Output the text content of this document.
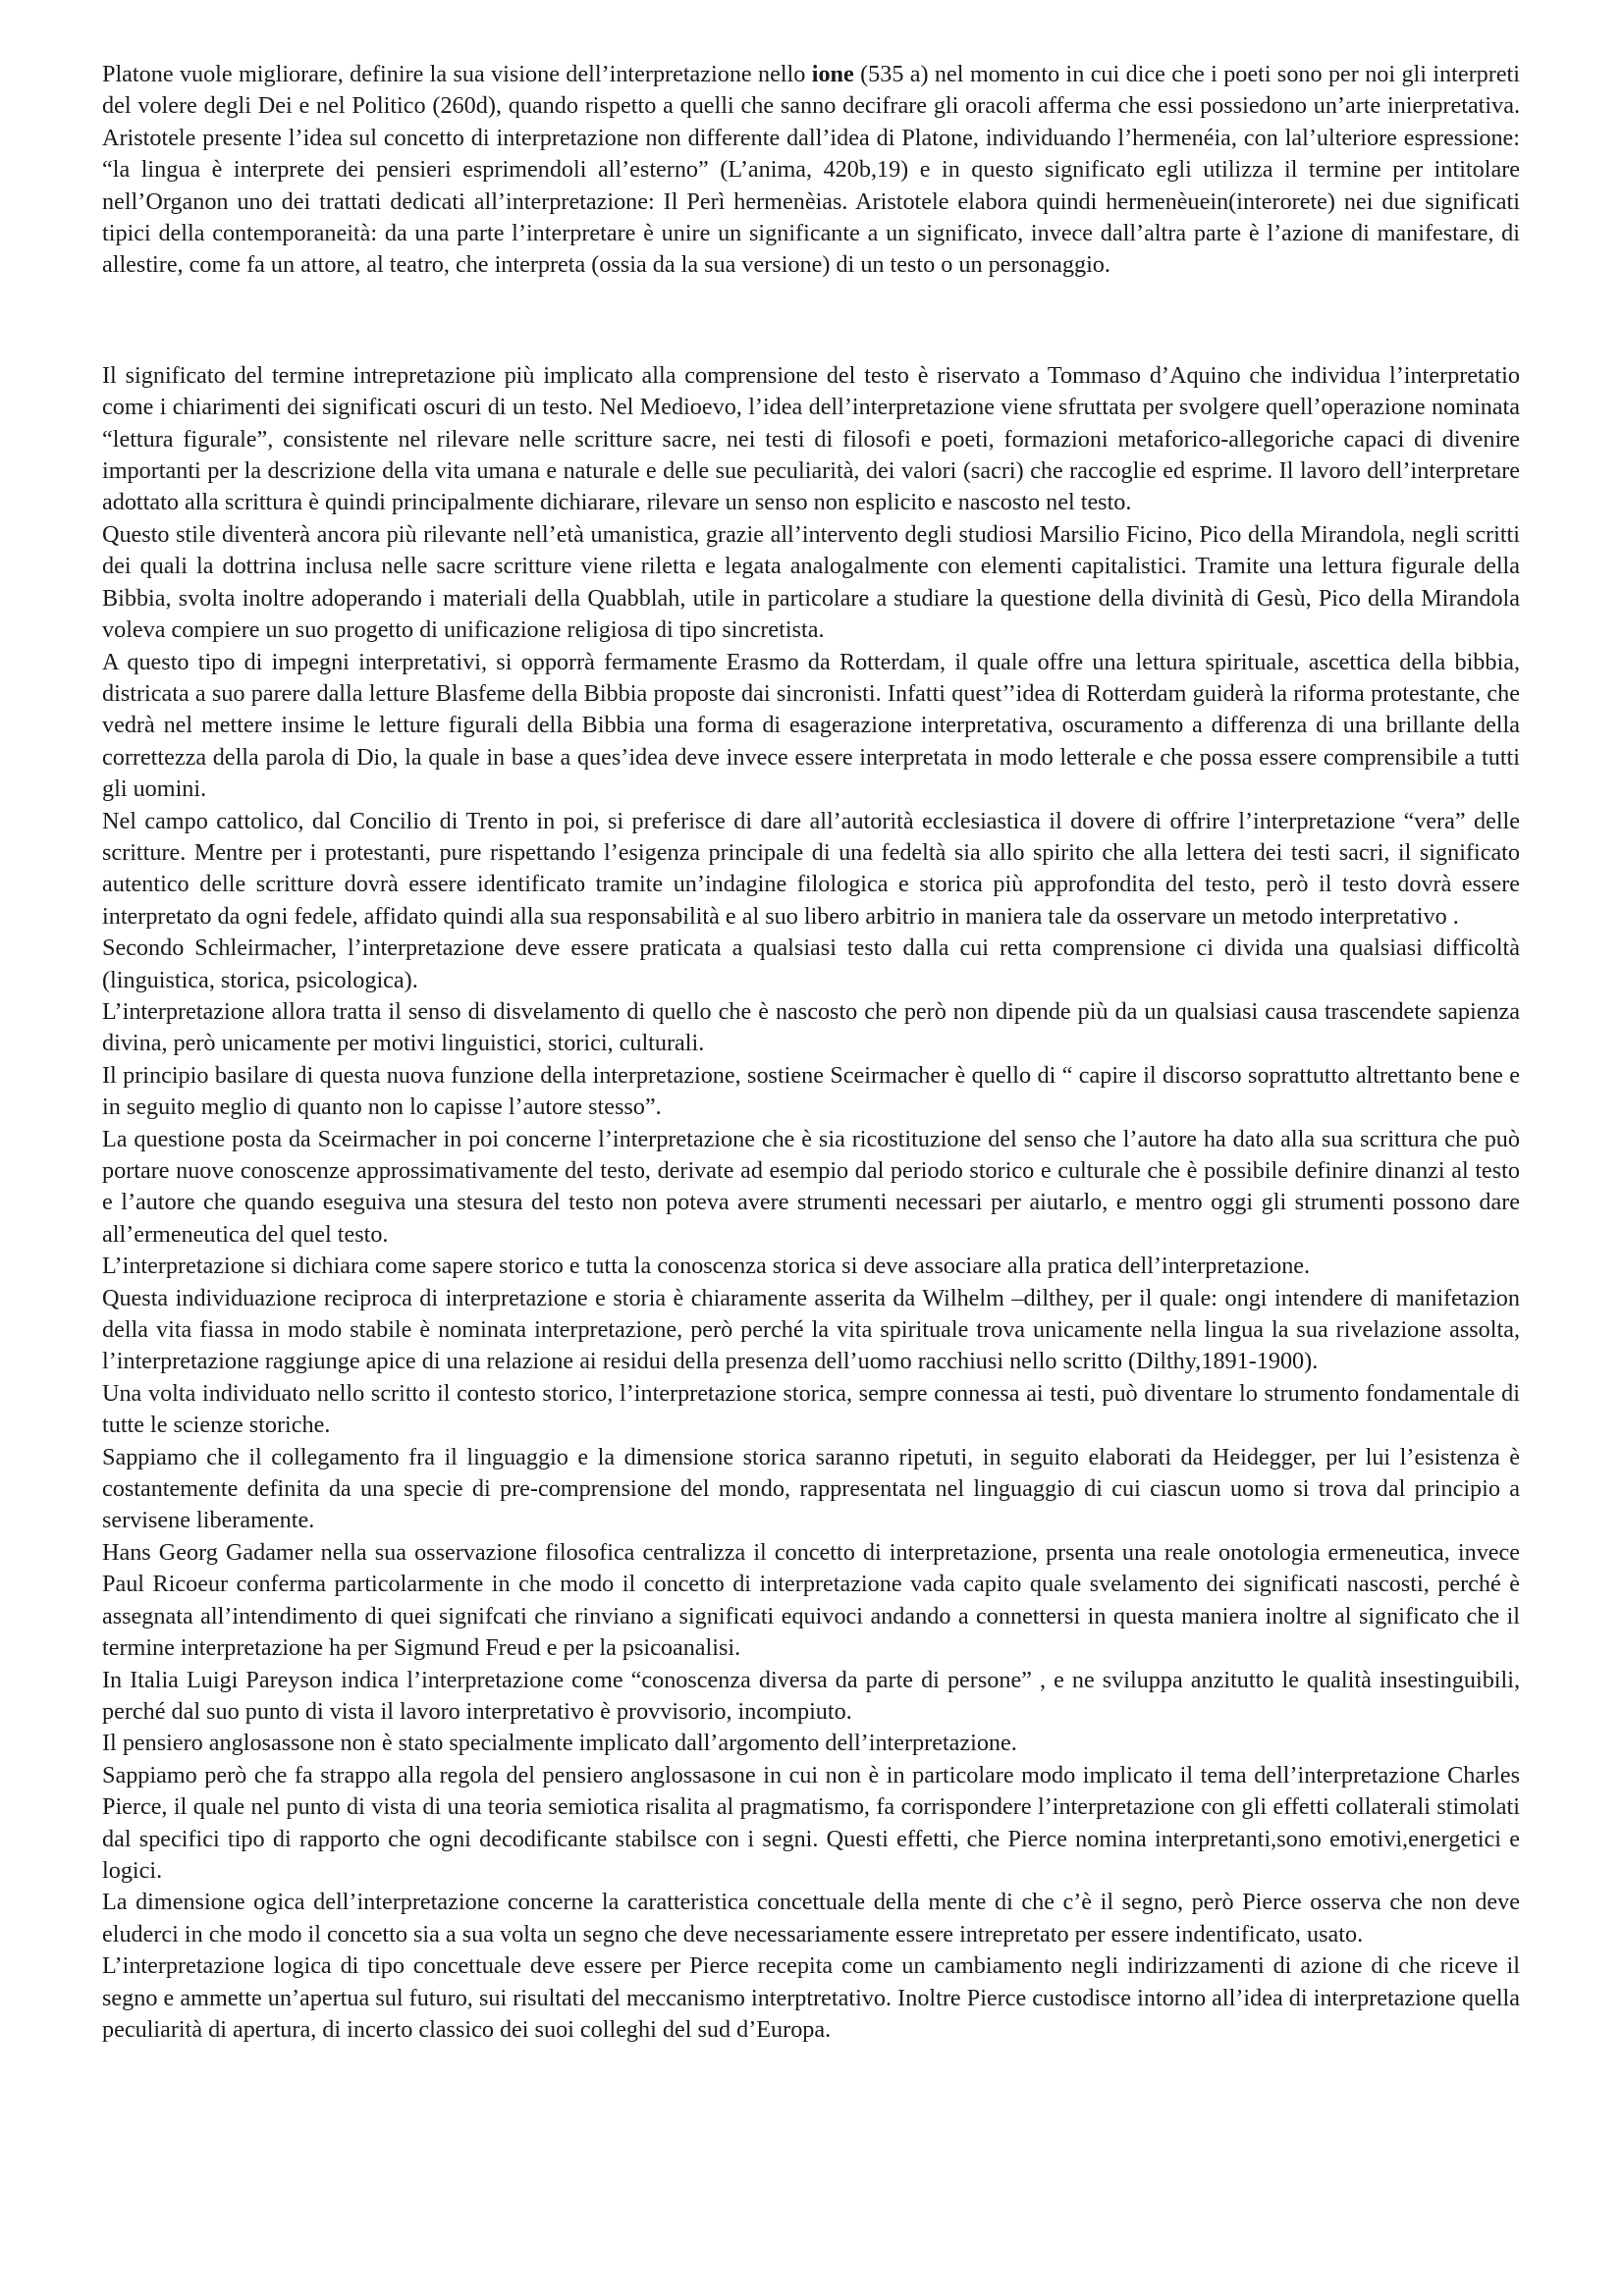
Platone vuole migliorare, definire la sua visione dell’interpretazione nello ione (535 a) nel momento in cui dice che i poeti sono per noi gli interpreti del volere degli Dei e nel Politico (260d), quando rispetto a quelli che sanno decifrare gli oracoli afferma che essi possiedono un’arte inierpretativa. Aristotele presente l’idea sul concetto di interpretazione non differente dall’idea di Platone, individuando l’hermenéia, con lal’ulteriore espressione: “la lingua è interprete dei pensieri esprimendoli all’esterno” (L’anima, 420b,19) e in questo significato egli utilizza il termine per intitolare nell’Organon uno dei trattati dedicati all’interpretazione: Il Perì hermenèias. Aristotele elabora quindi hermenèuein(interorete) nei due significati tipici della contemporaneità: da una parte l’interpretare è unire un significante a un significato, invece dall’altra parte è l’azione di manifestare, di allestire, come fa un attore, al teatro, che interpreta (ossia da la sua versione) di un testo o un personaggio.

Il significato del termine intrepretazione più implicato alla comprensione del testo è riservato a Tommaso d’Aquino che individua l’interpretatio come i chiarimenti dei significati oscuri di un testo. Nel Medioevo, l’idea dell’interpretazione viene sfruttata per svolgere quell’operazione nominata “lettura figurale”, consistente nel rilevare nelle scritture sacre, nei testi di filosofi e poeti, formazioni metaforico-allegoriche capaci di divenire importanti per la descrizione della vita umana e naturale e delle sue peculiarità, dei valori (sacri) che raccoglie ed esprime. Il lavoro dell’interpretare adottato alla scrittura è quindi principalmente dichiarare, rilevare un senso non esplicito e nascosto nel testo.

Questo stile diventerà ancora più rilevante nell’età umanistica, grazie all’intervento degli studiosi Marsilio Ficino, Pico della Mirandola, negli scritti dei quali la dottrina inclusa nelle sacre scritture viene riletta e legata analogalmente con elementi capitalistici. Tramite una lettura figurale della Bibbia, svolta inoltre adoperando i materiali della Quabblah, utile in particolare a studiare la questione della divinità di Gesù, Pico della Mirandola voleva compiere un suo progetto di unificazione religiosa di tipo sincretista.

A questo tipo di impegni interpretativi, si opporrà fermamente Erasmo da Rotterdam, il quale offre una lettura spirituale, ascettica della bibbia, districata a suo parere dalla letture Blasfeme della Bibbia proposte dai sincronisti. Infatti quest’’idea di Rotterdam guiderà la riforma protestante, che vedrà nel mettere insime le letture figurali della Bibbia una forma di esagerazione interpretativa, oscuramento a differenza di una brillante della correttezza della parola di Dio, la quale in base a ques’idea deve invece essere interpretata in modo letterale e che possa essere comprensibile a tutti gli uomini.

Nel campo cattolico, dal Concilio di Trento in poi, si preferisce di dare all’autorità ecclesiastica il dovere di offrire l’interpretazione “vera” delle scritture. Mentre per i protestanti, pure rispettando l’esigenza principale di una fedeltà sia allo spirito che alla lettera dei testi sacri, il significato autentico delle scritture dovrà essere identificato tramite un’indagine filologica e storica più approfondita del testo, però il testo dovrà essere interpretato da ogni fedele, affidato quindi alla sua responsabilità e al suo libero arbitrio in maniera tale da osservare un metodo interpretativo .

Secondo Schleirmacher, l’interpretazione deve essere praticata a qualsiasi testo dalla cui retta comprensione ci divida una qualsiasi difficoltà (linguistica, storica, psicologica).

L’interpretazione allora tratta il senso di disvelamento di quello che è nascosto che però non dipende più da un qualsiasi causa trascendete sapienza divina, però unicamente per motivi linguistici, storici, culturali.

Il principio basilare di questa nuova funzione della interpretazione, sostiene Sceirmacher è quello di “ capire il discorso soprattutto altrettanto bene e in seguito meglio di quanto non lo capisse l’autore stesso”.

La questione posta da Sceirmacher in poi concerne l’interpretazione che è sia ricostituzione del senso che l’autore ha dato alla sua scrittura che può portare nuove conoscenze approssimativamente del testo, derivate ad esempio dal periodo storico e culturale che è possibile definire dinanzi al testo e l’autore che quando eseguiva una stesura del testo non poteva avere strumenti necessari per aiutarlo, e mentro oggi gli strumenti possono dare all’ermeneutica del quel testo.

L’interpretazione si dichiara come sapere storico e tutta la conoscenza storica si deve associare alla pratica dell’interpretazione.

Questa individuazione reciproca di interpretazione e storia è chiaramente asserita da Wilhelm –dilthey, per il quale: ongi intendere di manifetazion della vita fiassa in modo stabile è nominata interpretazione, però perché la vita spirituale trova unicamente nella lingua la sua rivelazione assolta, l’interpretazione raggiunge apice di una relazione ai residui della presenza dell’uomo racchiusi nello scritto (Dilthy,1891-1900).

Una volta individuato nello scritto il contesto storico, l’interpretazione storica, sempre connessa ai testi, può diventare lo strumento fondamentale di tutte le scienze storiche.

Sappiamo che il collegamento fra il linguaggio e la dimensione storica saranno ripetuti, in seguito elaborati da Heidegger, per lui l’esistenza è costantemente definita da una specie di pre-comprensione del mondo, rappresentata nel linguaggio di cui ciascun uomo si trova dal principio a servisene liberamente.

Hans Georg Gadamer nella sua osservazione filosofica centralizza il concetto di interpretazione, prsenta una reale onotologia ermeneutica, invece Paul Ricoeur conferma particolarmente in che modo il concetto di interpretazione vada capito quale svelamento dei significati nascosti, perché è assegnata all’intendimento di quei signifcati che rinviano a significati equivoci andando a connettersi in questa maniera inoltre al significato che il termine interpretazione ha per Sigmund Freud e per la psicoanalisi.

In Italia Luigi Pareyson indica l’interpretazione come “conoscenza diversa da parte di persone” , e ne sviluppa anzitutto le qualità insestinguibili, perché dal suo punto di vista il lavoro interpretativo è provvisorio, incompiuto.

Il pensiero anglosassone non è stato specialmente implicato dall’argomento dell’interpretazione.

Sappiamo però che fa strappo alla regola del pensiero anglossasone in cui non è in particolare modo implicato il tema dell’interpretazione Charles Pierce, il quale nel punto di vista di una teoria semiotica risalita al pragmatismo, fa corrispondere l’interpretazione con gli effetti collaterali stimolati dal specifici tipo di rapporto che ogni decodificante stabilsce con i segni. Questi effetti, che Pierce nomina interpretanti,sono emotivi,energetici e logici.

La dimensione ogica dell’interpretazione concerne la caratteristica concettuale della mente di che c’è il segno, però Pierce osserva che non deve eluderci in che modo il concetto sia a sua volta un segno che deve necessariamente essere intrepretato per essere indentificato, usato.

L’interpretazione logica di tipo concettuale deve essere per Pierce recepita come un cambiamento negli indirizzamenti di azione di che riceve il segno e ammette un’apertua sul futuro, sui risultati del meccanismo interptretativo. Inoltre Pierce custodisce intorno all’idea di interpretazione quella peculiarità di apertura, di incerto classico dei suoi colleghi del sud d’Europa.
